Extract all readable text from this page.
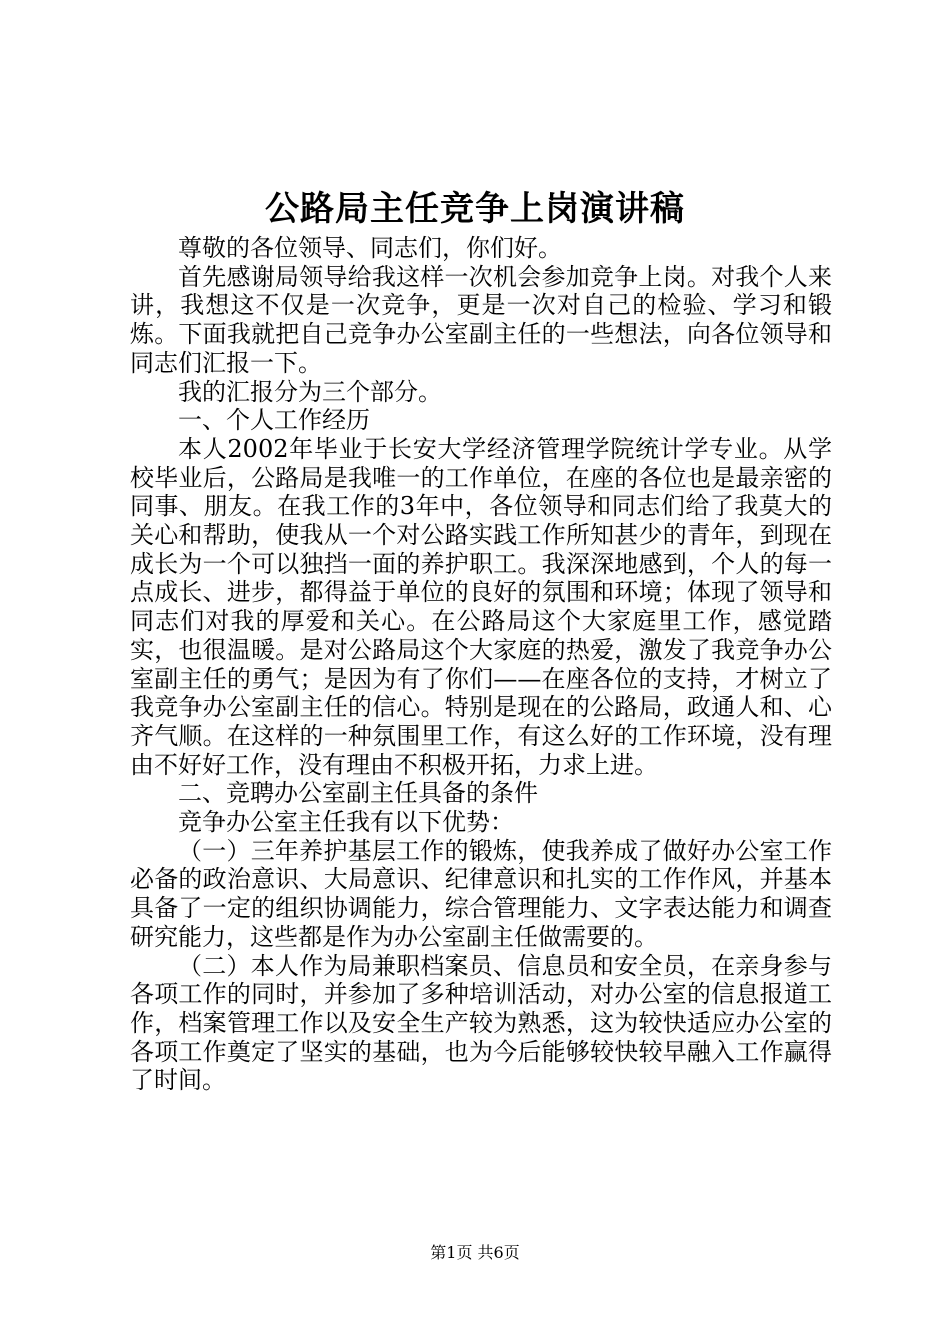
公路局主任竞争上岗演讲稿

尊敬的各位领导、同志们，你们好。

首先感谢局领导给我这样一次机会参加竞争上岗。对我个人来讲，我想这不仅是一次竞争，更是一次对自己的检验、学习和锻炼。下面我就把自己竞争办公室副主任的一些想法，向各位领导和同志们汇报一下。

我的汇报分为三个部分。

一、个人工作经历

本人2002年毕业于长安大学经济管理学院统计学专业。从学校毕业后，公路局是我唯一的工作单位，在座的各位也是最亲密的同事、朋友。在我工作的3年中，各位领导和同志们给了我莫大的关心和帮助，使我从一个对公路实践工作所知甚少的青年，到现在成长为一个可以独挡一面的养护职工。我深深地感到，个人的每一点成长、进步，都得益于单位的良好的氛围和环境；体现了领导和同志们对我的厚爱和关心。在公路局这个大家庭里工作，感觉踏实，也很温暖。是对公路局这个大家庭的热爱，激发了我竞争办公室副主任的勇气；是因为有了你们——在座各位的支持，才树立了我竞争办公室副主任的信心。特别是现在的公路局，政通人和、心齐气顺。在这样的一种氛围里工作，有这么好的工作环境，没有理由不好好工作，没有理由不积极开拓，力求上进。

二、竞聘办公室副主任具备的条件

竞争办公室主任我有以下优势：

（一）三年养护基层工作的锻炼，使我养成了做好办公室工作必备的政治意识、大局意识、纪律意识和扎实的工作作风，并基本具备了一定的组织协调能力，综合管理能力、文字表达能力和调查研究能力，这些都是作为办公室副主任做需要的。

（二）本人作为局兼职档案员、信息员和安全员，在亲身参与各项工作的同时，并参加了多种培训活动，对办公室的信息报道工作，档案管理工作以及安全生产较为熟悉，这为较快适应办公室的各项工作奠定了坚实的基础，也为今后能够较快较早融入工作赢得了时间。

第1页 共6页
